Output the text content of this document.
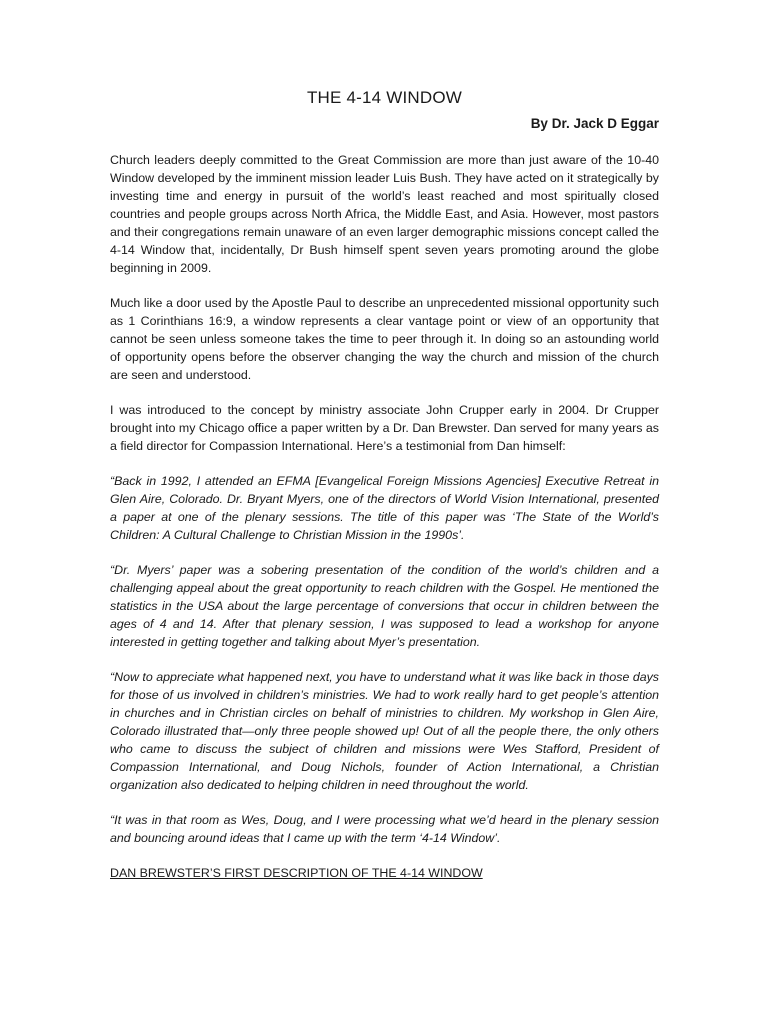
THE 4-14 WINDOW
By Dr. Jack D Eggar

Church leaders deeply committed to the Great Commission are more than just aware of the 10-40 Window developed by the imminent mission leader Luis Bush. They have acted on it strategically by investing time and energy in pursuit of the world’s least reached and most spiritually closed countries and people groups across North Africa, the Middle East, and Asia. However, most pastors and their congregations remain unaware of an even larger demographic missions concept called the 4-14 Window that, incidentally, Dr Bush himself spent seven years promoting around the globe beginning in 2009.

Much like a door used by the Apostle Paul to describe an unprecedented missional opportunity such as 1 Corinthians 16:9, a window represents a clear vantage point or view of an opportunity that cannot be seen unless someone takes the time to peer through it. In doing so an astounding world of opportunity opens before the observer changing the way the church and mission of the church are seen and understood.

I was introduced to the concept by ministry associate John Crupper early in 2004. Dr Crupper brought into my Chicago office a paper written by a Dr. Dan Brewster. Dan served for many years as a field director for Compassion International. Here’s a testimonial from Dan himself:

“Back in 1992, I attended an EFMA [Evangelical Foreign Missions Agencies] Executive Retreat in Glen Aire, Colorado. Dr. Bryant Myers, one of the directors of World Vision International, presented a paper at one of the plenary sessions. The title of this paper was ‘The State of the World’s Children: A Cultural Challenge to Christian Mission in the 1990s’.

“Dr. Myers’ paper was a sobering presentation of the condition of the world’s children and a challenging appeal about the great opportunity to reach children with the Gospel. He mentioned the statistics in the USA about the large percentage of conversions that occur in children between the ages of 4 and 14. After that plenary session, I was supposed to lead a workshop for anyone interested in getting together and talking about Myer’s presentation.

“Now to appreciate what happened next, you have to understand what it was like back in those days for those of us involved in children’s ministries. We had to work really hard to get people’s attention in churches and in Christian circles on behalf of ministries to children. My workshop in Glen Aire, Colorado illustrated that—only three people showed up! Out of all the people there, the only others who came to discuss the subject of children and missions were Wes Stafford, President of Compassion International, and Doug Nichols, founder of Action International, a Christian organization also dedicated to helping children in need throughout the world.

“It was in that room as Wes, Doug, and I were processing what we’d heard in the plenary session and bouncing around ideas that I came up with the term ‘4-14 Window’.

DAN BREWSTER’S FIRST DESCRIPTION OF THE 4-14 WINDOW
